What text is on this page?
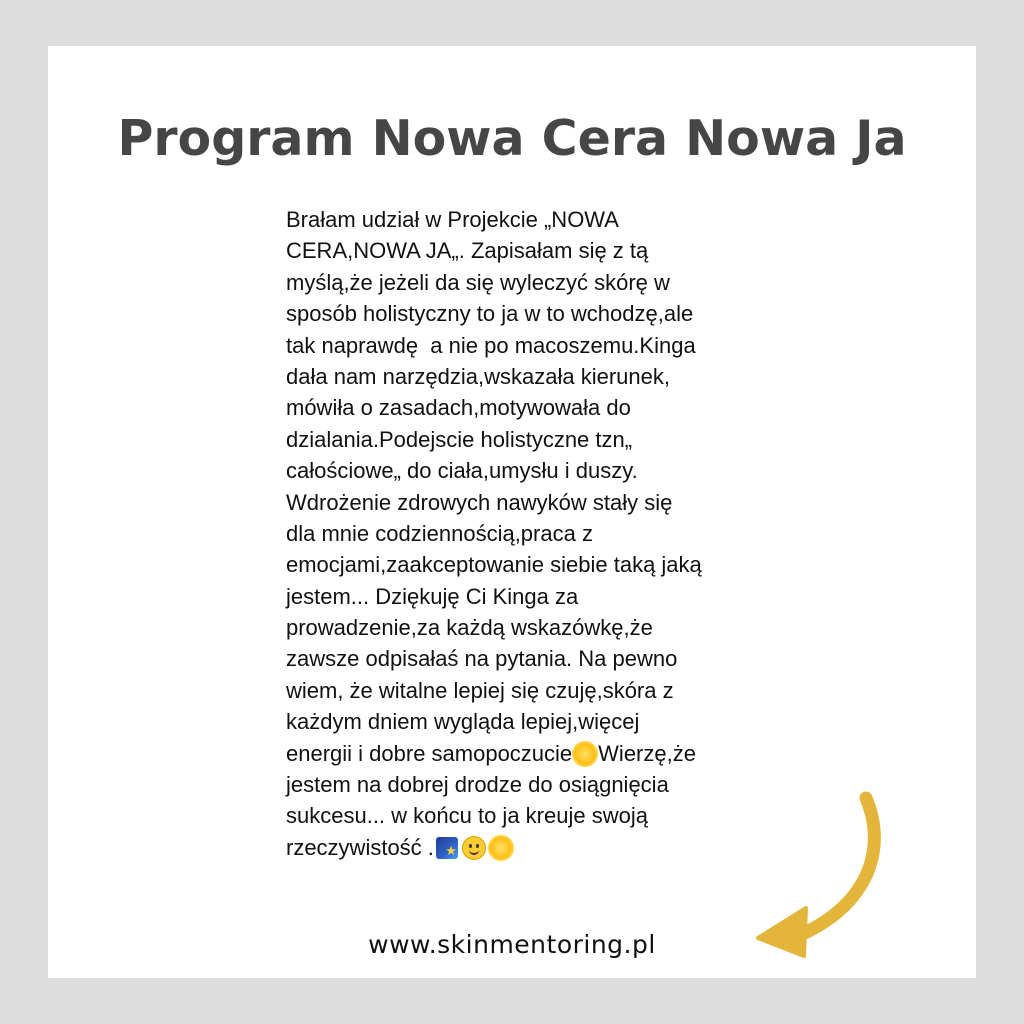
Program Nowa Cera Nowa Ja
Brałam udział w Projekcie „NOWA
CERA,NOWA JA„. Zapisałam się z tą
myślą,że jeżeli da się wyleczyć skórę w
sposób holistyczny to ja w to wchodzę,ale
tak naprawdę  a nie po macoszemu.Kinga
dała nam narzędzia,wskazała kierunek,
mówiła o zasadach,motywowała do
dzialania.Podejscie holistyczne tzn„
całościowe„ do ciała,umysłu i duszy.
Wdrożenie zdrowych nawyków stały się
dla mnie codziennością,praca z
emocjami,zaakceptowanie siebie taką jaką
jestem... Dziękuję Ci Kinga za
prowadzenie,za każdą wskazówkę,że
zawsze odpisałaś na pytania. Na pewno
wiem, że witalne lepiej się czuję,skóra z
każdym dniem wygląda lepiej,więcej
energii i dobre samopoczucie Wierzę,że
jestem na dobrej drodze do osiągnięcia
sukcesu... w końcu to ja kreuje swoją
rzeczywistość . ★
www.skinmentoring.pl
